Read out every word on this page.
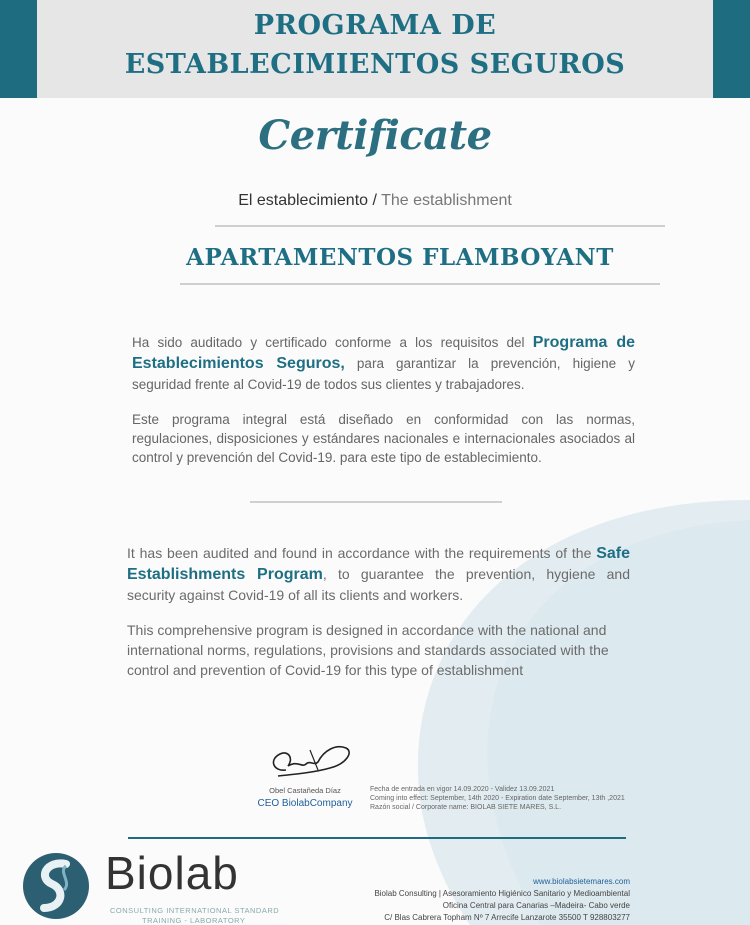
PROGRAMA DE
ESTABLECIMIENTOS SEGUROS
Certificate
El establecimiento / The establishment
APARTAMENTOS FLAMBOYANT
Ha sido auditado y certificado conforme a los requisitos del Programa de Establecimientos Seguros, para garantizar la prevención, higiene y seguridad frente al Covid-19 de todos sus clientes y trabajadores.
Este programa integral está diseñado en conformidad con las normas, regulaciones, disposiciones y estándares nacionales e internacionales asociados al control y prevención del Covid-19. para este tipo de establecimiento.
It has been audited and found in accordance with the requirements of the Safe Establishments Program, to guarantee the prevention, hygiene and security against Covid-19 of all its clients and workers.
This comprehensive program is designed in accordance with the national and international norms, regulations, provisions and standards associated with the control and prevention of Covid-19 for this type of establishment
Obel Castañeda Díaz
CEO BiolabCompany
Fecha de entrada en vigor 14.09.2020 - Validez 13.09.2021
Coming into effect: September, 14th 2020 - Expiration date September, 13th ,2021
Razón social / Corporate name: BIOLAB SIETE MARES, S.L.
Biolab
CONSULTING INTERNATIONAL STANDARD
TRAINING - LABORATORY
www.biolabsietemares.com
Biolab Consulting | Asesoramiento Higiénico Sanitario y Medioambiental
Oficina Central para Canarias –Madeira- Cabo verde
C/ Blas Cabrera Topham Nº 7 Arrecife Lanzarote 35500 T 928803277
